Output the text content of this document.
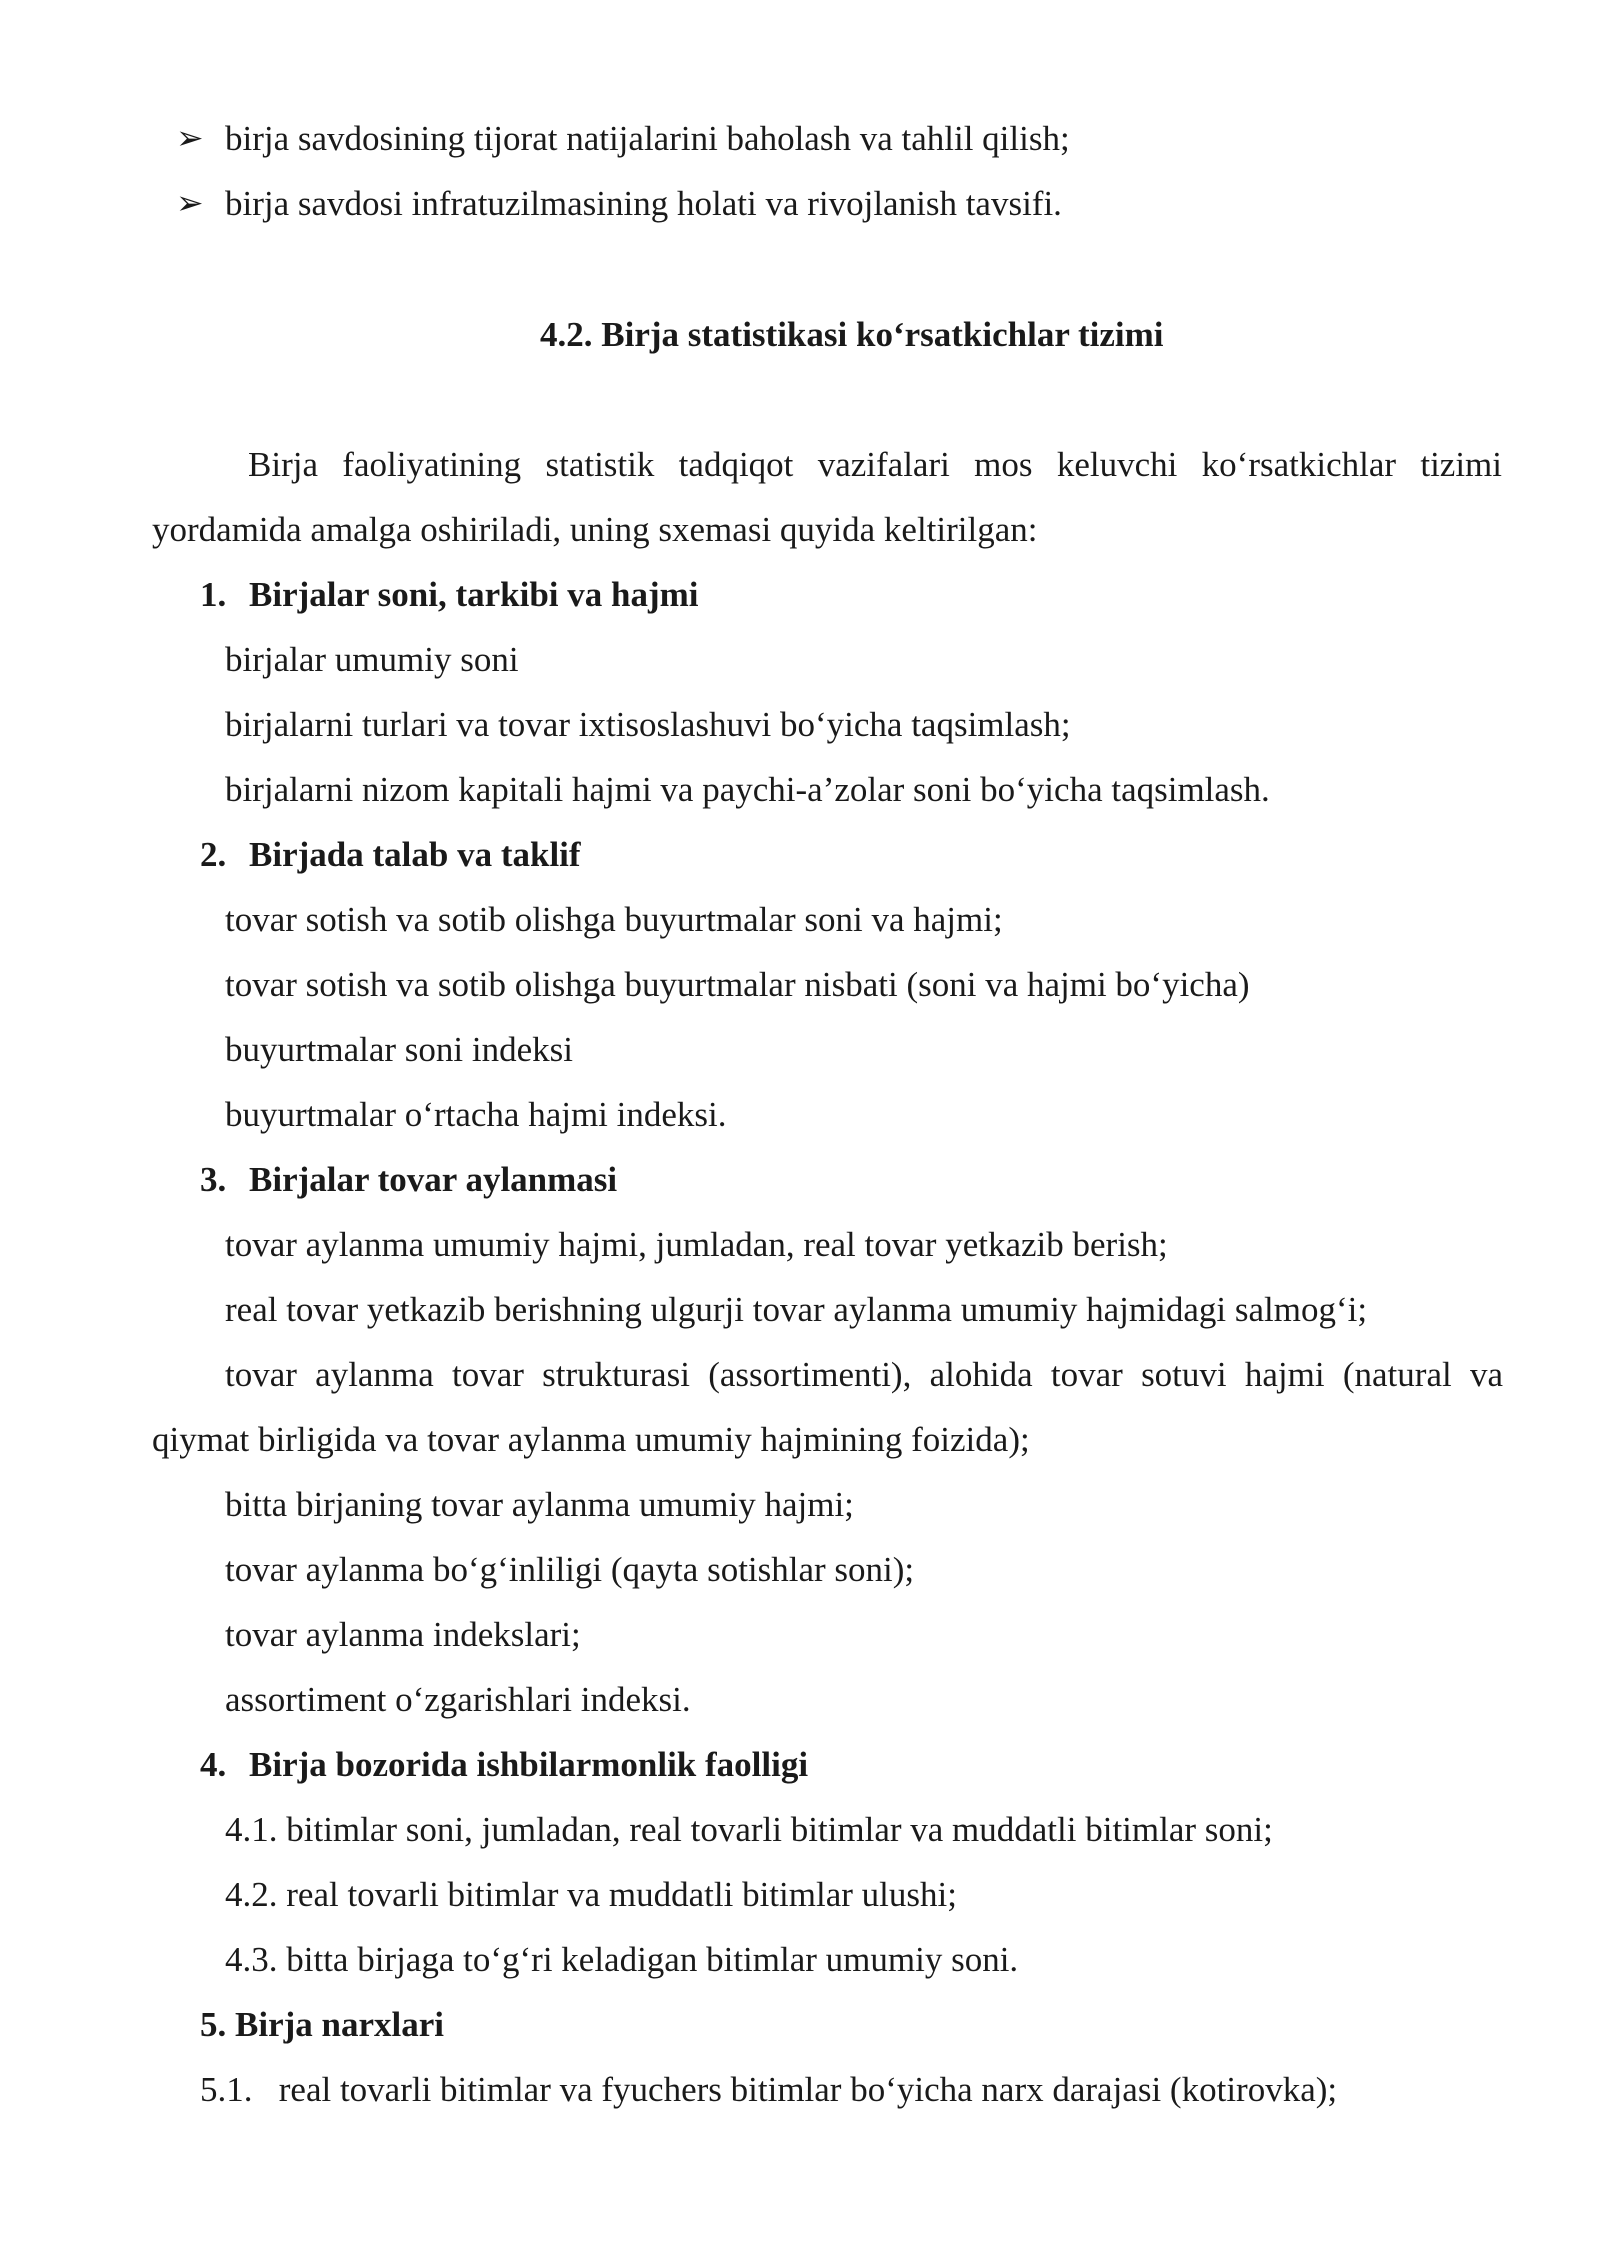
➢ birja savdosining tijorat natijalarini baholash va tahlil qilish;
➢ birja savdosi infratuzilmasining holati va rivojlanish tavsifi.
4.2. Birja statistikasi ko‘rsatkichlar tizimi
Birja faoliyatining statistik tadqiqot vazifalari mos keluvchi ko‘rsatkichlar tizimi
yordamida amalga oshiriladi, uning sxemasi quyida keltirilgan:
1. Birjalar soni, tarkibi va hajmi
birjalar umumiy soni
birjalarni turlari va tovar ixtisoslashuvi bo‘yicha taqsimlash;
birjalarni nizom kapitali hajmi va paychi-a’zolar soni bo‘yicha taqsimlash.
2. Birjada talab va taklif
tovar sotish va sotib olishga buyurtmalar soni va hajmi;
tovar sotish va sotib olishga buyurtmalar nisbati (soni va hajmi bo‘yicha)
buyurtmalar soni indeksi
buyurtmalar o‘rtacha hajmi indeksi.
3. Birjalar tovar aylanmasi
tovar aylanma umumiy hajmi, jumladan, real tovar yetkazib berish;
real tovar yetkazib berishning ulgurji tovar aylanma umumiy hajmidagi salmog‘i;
tovar aylanma tovar strukturasi (assortimenti), alohida tovar sotuvi hajmi (natural va
qiymat birligida va tovar aylanma umumiy hajmining foizida);
bitta birjaning tovar aylanma umumiy hajmi;
tovar aylanma bo‘g‘inliligi (qayta sotishlar soni);
tovar aylanma indekslari;
assortiment o‘zgarishlari indeksi.
4. Birja bozorida ishbilarmonlik faolligi
4.1. bitimlar soni, jumladan, real tovarli bitimlar va muddatli bitimlar soni;
4.2. real tovarli bitimlar va muddatli bitimlar ulushi;
4.3. bitta birjaga to‘g‘ri keladigan bitimlar umumiy soni.
5. Birja narxlari
5.1. real tovarli bitimlar va fyuchers bitimlar bo‘yicha narx darajasi (kotirovka);
